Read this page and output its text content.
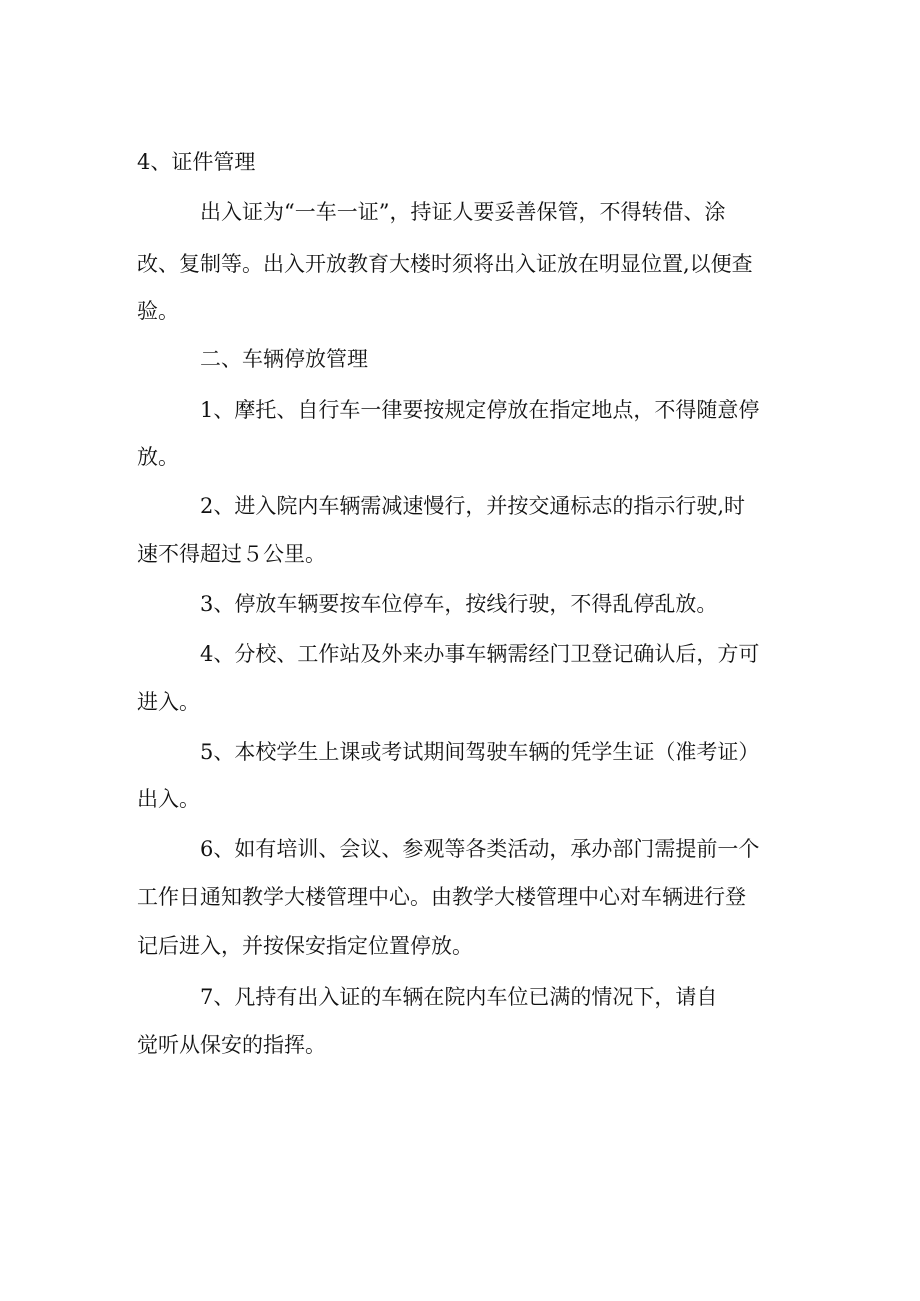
4、证件管理
出入证为“一车一证”，持证人要妥善保管，不得转借、涂
改、复制等。出入开放教育大楼时须将出入证放在明显位置,以便查
验。
二、车辆停放管理
1、摩托、自行车一律要按规定停放在指定地点，不得随意停
放。
2、进入院内车辆需减速慢行，并按交通标志的指示行驶,时
速不得超过５公里。
3、停放车辆要按车位停车，按线行驶，不得乱停乱放。
4、分校、工作站及外来办事车辆需经门卫登记确认后，方可
进入。
5、本校学生上课或考试期间驾驶车辆的凭学生证（准考证）
出入。
6、如有培训、会议、参观等各类活动，承办部门需提前一个
工作日通知教学大楼管理中心。由教学大楼管理中心对车辆进行登
记后进入，并按保安指定位置停放。
7、凡持有出入证的车辆在院内车位已满的情况下，请自
觉听从保安的指挥。
